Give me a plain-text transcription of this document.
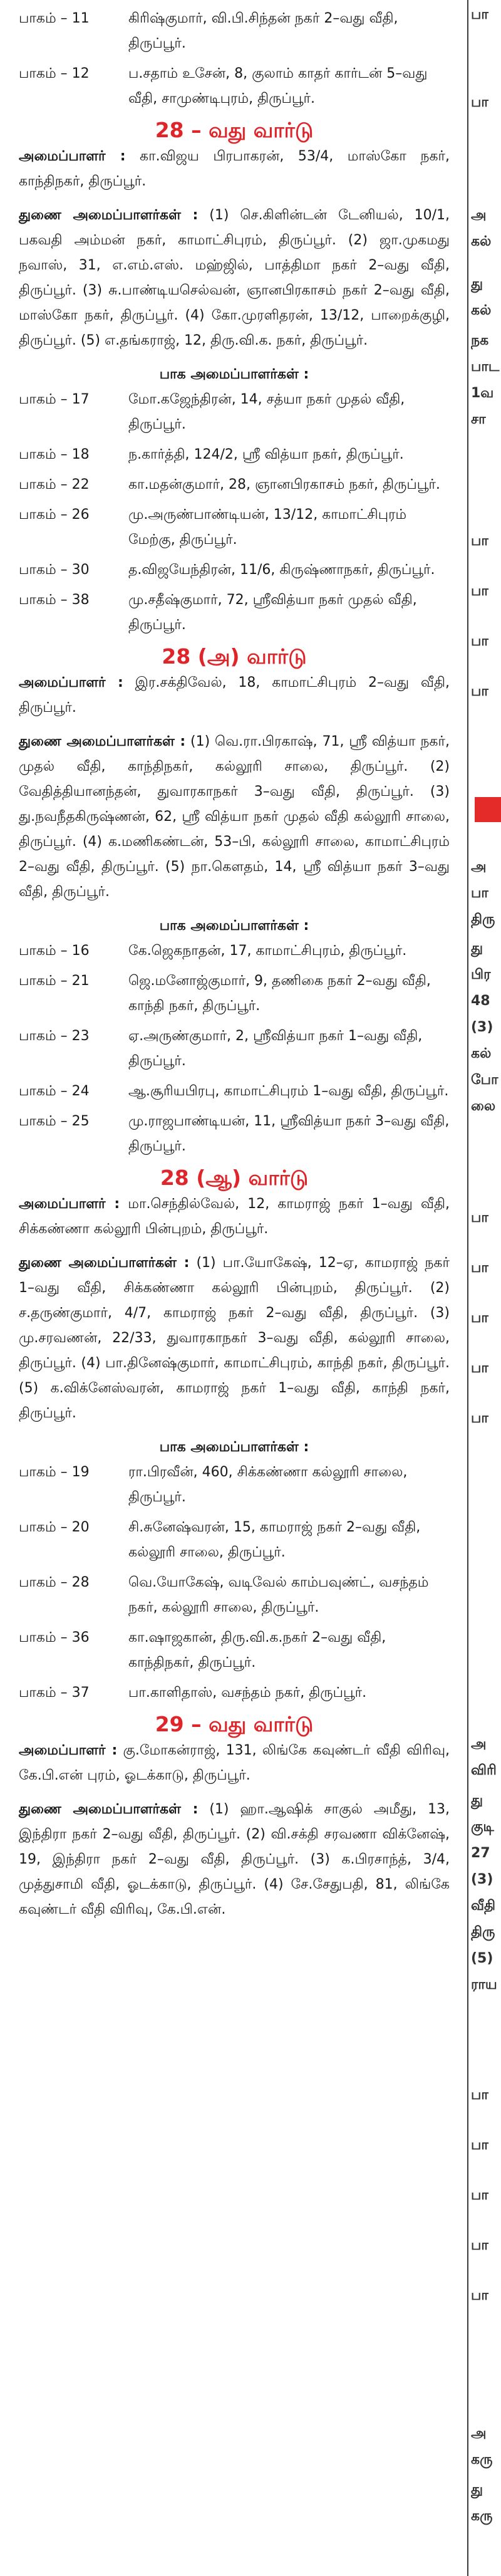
பாகம் – 11	கிரிஷ்குமார், வி.பி.சிந்தன் நகர் 2–வது வீதி, திருப்பூர்.
பாகம் – 12	ப.சதாம் உசேன், 8, குலாம் காதர் கார்டன் 5–வது வீதி, சாமுண்டிபுரம், திருப்பூர்.
28 – வது வார்டு

அமைப்பாளர் : கா.விஜய பிரபாகரன், 53/4, மாஸ்கோ நகர், காந்திநகர், திருப்பூர்.

துணை அமைப்பாளர்கள் : (1) செ.கிளின்டன் டேனியல், 10/1, பகவதி அம்மன் நகர், காமாட்சிபுரம், திருப்பூர். (2) ஜா.முகமது நவாஸ், 31, எ.எம்.எஸ். மஹ்ஜில், பாத்திமா நகர் 2–வது வீதி, திருப்பூர். (3) சு.பாண்டியசெல்வன், ஞானபிரகாசம் நகர் 2–வது வீதி, மாஸ்கோ நகர், திருப்பூர். (4) கோ.முரளிதரன், 13/12, பாறைக்குழி, திருப்பூர். (5) எ.தங்கராஜ், 12, திரு.வி.க. நகர், திருப்பூர்.

பாக அமைப்பாளர்கள் :

பாகம் – 17	மோ.கஜேந்திரன், 14, சத்யா நகர் முதல் வீதி, திருப்பூர்.
பாகம் – 18	ந.கார்த்தி, 124/2, ஸ்ரீ வித்யா நகர், திருப்பூர்.
பாகம் – 22	கா.மதன்குமார், 28, ஞானபிரகாசம் நகர், திருப்பூர்.
பாகம் – 26	மு.அருண்பாண்டியன், 13/12, காமாட்சிபுரம் மேற்கு, திருப்பூர்.
பாகம் – 30	த.விஜயேந்திரன், 11/6, கிருஷ்ணாநகர், திருப்பூர்.
பாகம் – 38	மு.சதீஷ்குமார், 72, ஸ்ரீவித்யா நகர் முதல் வீதி, திருப்பூர்.
28 (அ) வார்டு

அமைப்பாளர் : இர.சக்திவேல், 18, காமாட்சிபுரம் 2–வது வீதி, திருப்பூர்.

துணை அமைப்பாளர்கள் : (1) வெ.ரா.பிரகாஷ், 71, ஸ்ரீ வித்யா நகர், முதல் வீதி, காந்திநகர், கல்லூரி சாலை, திருப்பூர். (2) வேதித்தியானந்தன், துவாரகாநகர் 3–வது வீதி, திருப்பூர். (3) து.நவநீதகிருஷ்ணன், 62, ஸ்ரீ வித்யா நகர் முதல் வீதி கல்லூரி சாலை, திருப்பூர். (4) க.மணிகண்டன், 53–பி, கல்லூரி சாலை, காமாட்சிபுரம் 2–வது வீதி, திருப்பூர். (5) நா.கௌதம், 14, ஸ்ரீ வித்யா நகர் 3–வது வீதி, திருப்பூர்.

பாக அமைப்பாளர்கள் :

பாகம் – 16	கே.ஜெகநாதன், 17, காமாட்சிபுரம், திருப்பூர்.
பாகம் – 21	ஜெ.மனோஜ்குமார், 9, தணிகை நகர் 2–வது வீதி, காந்தி நகர், திருப்பூர்.
பாகம் – 23	ஏ.அருண்குமார், 2, ஸ்ரீவித்யா நகர் 1–வது வீதி, திருப்பூர்.
பாகம் – 24	ஆ.சூரியபிரபு, காமாட்சிபுரம் 1–வது வீதி, திருப்பூர்.
பாகம் – 25	மு.ராஜபாண்டியன், 11, ஸ்ரீவித்யா நகர் 3–வது வீதி, திருப்பூர்.
28 (ஆ) வார்டு

அமைப்பாளர் : மா.செந்தில்வேல், 12, காமராஜ் நகர் 1–வது வீதி, சிக்கண்ணா கல்லூரி பின்புறம், திருப்பூர்.

துணை அமைப்பாளர்கள் : (1) பா.யோகேஷ், 12–ஏ, காமராஜ் நகர் 1–வது வீதி, சிக்கண்ணா கல்லூரி பின்புறம், திருப்பூர். (2) ச.தருண்குமார், 4/7, காமராஜ் நகர் 2–வது வீதி, திருப்பூர். (3) மு.சரவணன், 22/33, துவாரகாநகர் 3–வது வீதி, கல்லூரி சாலை, திருப்பூர். (4) பா.தினேஷ்குமார், காமாட்சிபுரம், காந்தி நகர், திருப்பூர். (5) க.விக்னேஸ்வரன், காமராஜ் நகர் 1–வது வீதி, காந்தி நகர், திருப்பூர்.

பாக அமைப்பாளர்கள் :

பாகம் – 19	ரா.பிரவீன், 460, சிக்கண்ணா கல்லூரி சாலை, திருப்பூர்.
பாகம் – 20	சி.சுனேஷ்வரன், 15, காமராஜ் நகர் 2–வது வீதி, கல்லூரி சாலை, திருப்பூர்.
பாகம் – 28	வெ.யோகேஷ், வடிவேல் காம்பவுண்ட், வசந்தம் நகர், கல்லூரி சாலை, திருப்பூர்.
பாகம் – 36	கா.ஷாஜகான், திரு.வி.க.நகர் 2–வது வீதி, காந்திநகர், திருப்பூர்.
பாகம் – 37	பா.காளிதாஸ், வசந்தம் நகர், திருப்பூர்.
29 – வது வார்டு

அமைப்பாளர் : கு.மோகன்ராஜ், 131, லிங்கே கவுண்டர் வீதி விரிவு, கே.பி.என் புரம், ஓடக்காடு, திருப்பூர்.

துணை அமைப்பாளர்கள் : (1) ஹா.ஆஷிக் சாகுல் அமீது, 13, இந்திரா நகர் 2–வது வீதி, திருப்பூர். (2) வி.சக்தி சரவணா விக்னேஷ், 19, இந்திரா நகர் 2–வது வீதி, திருப்பூர். (3) க.பிரசாந்த், 3/4, முத்துசாமி வீதி, ஓடக்காடு, திருப்பூர். (4) சே.சேதுபதி, 81, லிங்கே கவுண்டர் வீதி விரிவு, கே.பி.என்.

பா
பா
அ
கல்
து
கல்
நக
பாட
1வ
சா
பா
பா
பா
பா
அ
பா
திரு
து
பிர
48
(3)
கல்
போ
லை
பா
பா
பா
பா
பா
அ
விரி
து
குடி
27
(3)
வீதி
திரு
(5)
ராய
பா
பா
பா
பா
பா
அ
கரு
து
கரு
